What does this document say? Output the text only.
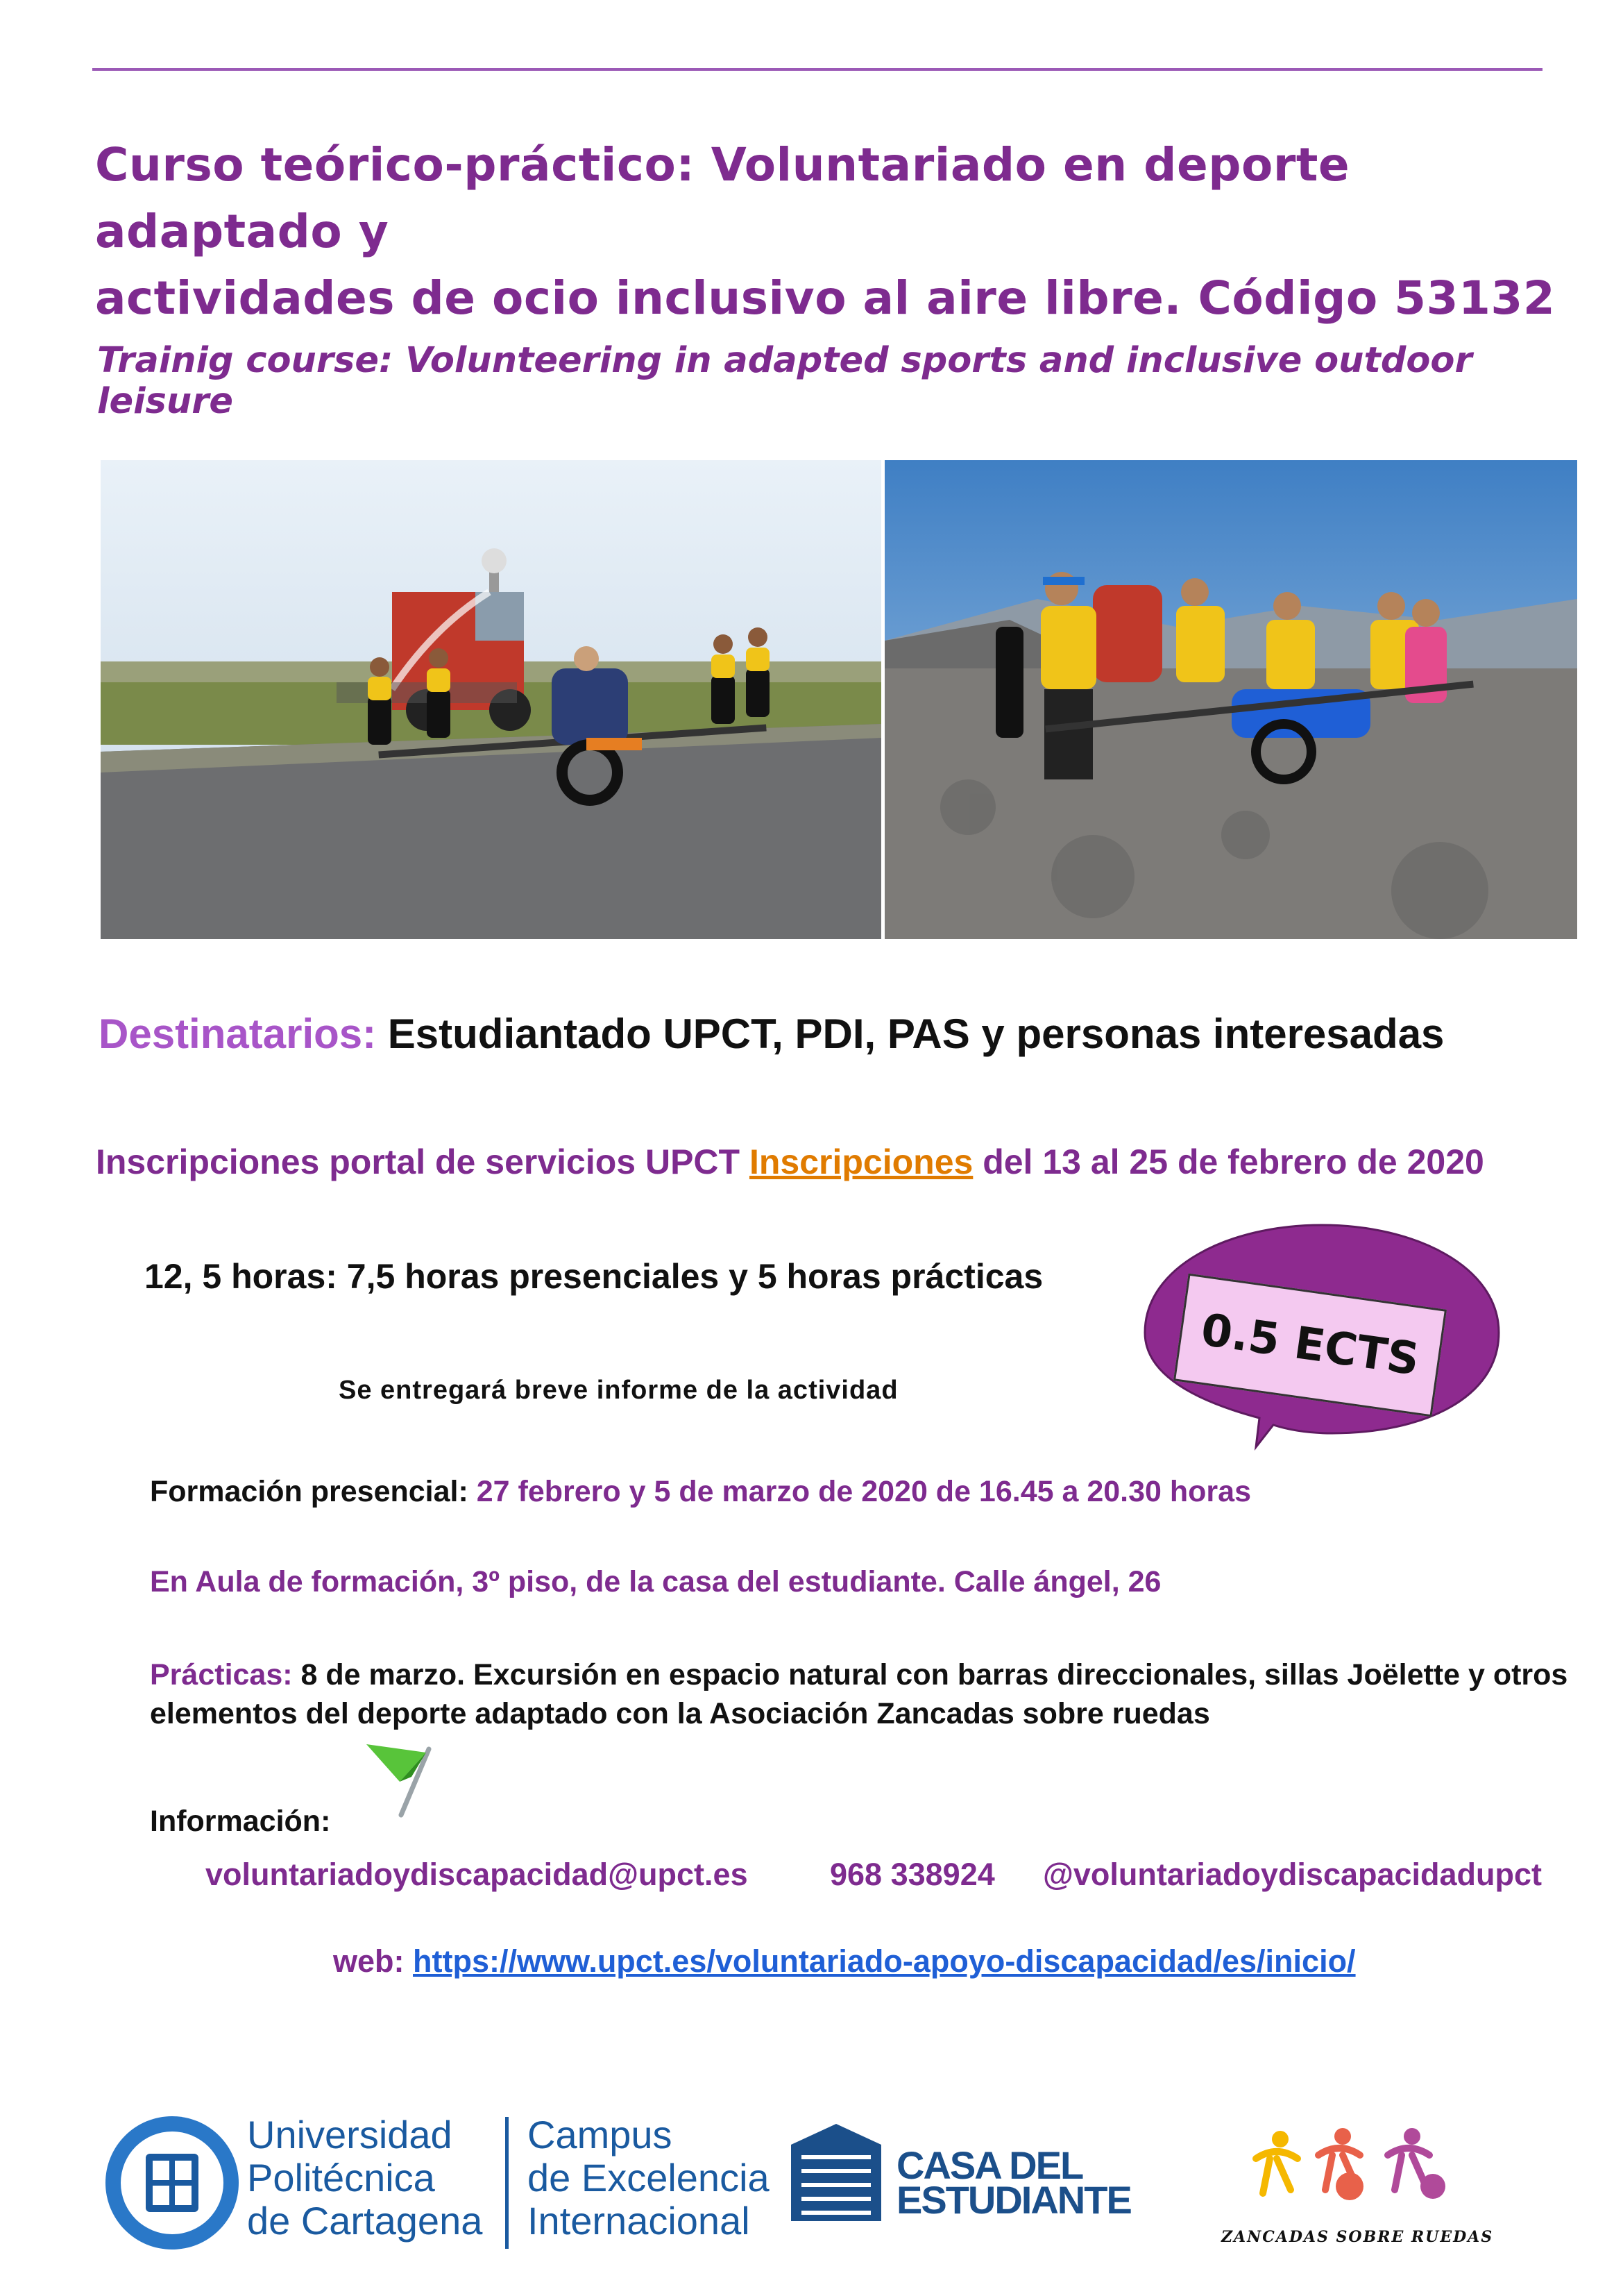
Curso teórico-práctico: Voluntariado en deporte adaptado y
actividades de ocio inclusivo al aire libre. Código 53132
Trainig course: Volunteering in adapted sports and inclusive outdoor leisure
Destinatarios: Estudiantado UPCT, PDI, PAS y personas interesadas
Inscripciones portal de servicios UPCT Inscripciones del 13 al 25 de febrero de 2020
12, 5 horas: 7,5 horas presenciales y 5 horas prácticas
0.5 ECTS
Se entregará breve informe de la actividad
Formación presencial: 27 febrero y 5 de marzo de 2020 de 16.45 a 20.30 horas
En Aula de formación, 3º piso, de la casa del estudiante. Calle ángel, 26
Prácticas: 8 de marzo. Excursión en espacio natural con barras direccionales, sillas Joëlette y otros elementos del deporte adaptado con la Asociación Zancadas sobre ruedas
Información:
voluntariadoydiscapacidad@upct.es	968 338924 @voluntariadoydiscapacidadupct
web: https://www.upct.es/voluntariado-apoyo-discapacidad/es/inicio/
Universidad
Politécnica
de Cartagena
Campus
de Excelencia
Internacional
CASA DEL
ESTUDIANTE
ZANCADAS SOBRE RUEDAS
